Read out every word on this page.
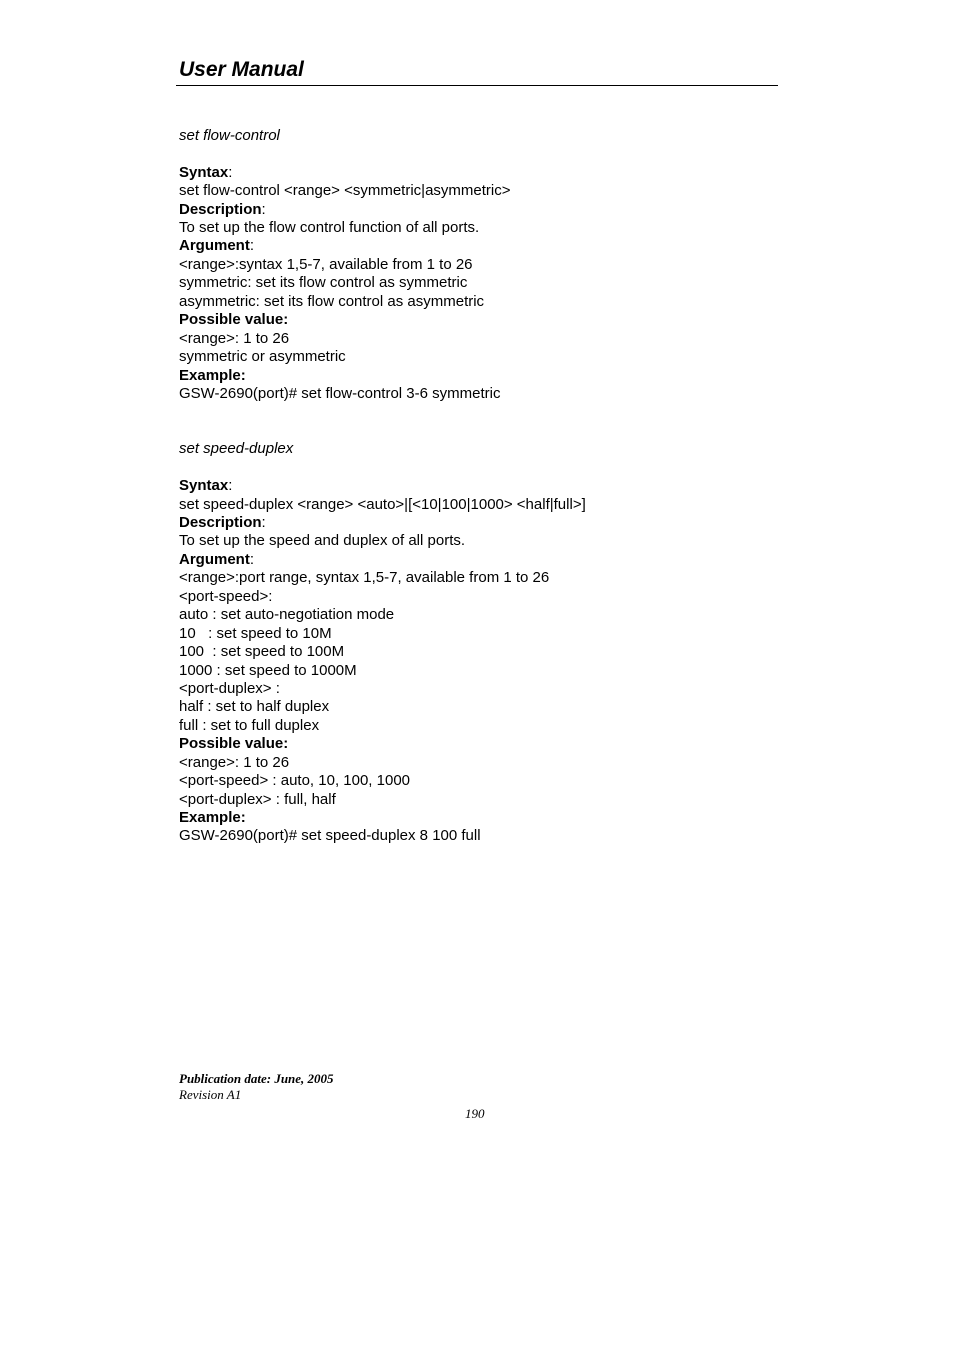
User Manual
set flow-control
Syntax:
set flow-control <range> <symmetric|asymmetric>
Description:
To set up the flow control function of all ports.
Argument:
<range>:syntax 1,5-7, available from 1 to 26
symmetric: set its flow control as symmetric
asymmetric: set its flow control as asymmetric
Possible value:
<range>: 1 to 26
symmetric or asymmetric
Example:
GSW-2690(port)# set flow-control 3-6 symmetric
set speed-duplex
Syntax:
set speed-duplex <range> <auto>|[<10|100|1000> <half|full>]
Description:
To set up the speed and duplex of all ports.
Argument:
<range>:port range, syntax 1,5-7, available from 1 to 26
<port-speed>:
auto : set auto-negotiation mode
10   : set speed to 10M
100  : set speed to 100M
1000 : set speed to 1000M
<port-duplex> :
half : set to half duplex
full : set to full duplex
Possible value:
<range>: 1 to 26
<port-speed> : auto, 10, 100, 1000
<port-duplex> : full, half
Example:
GSW-2690(port)# set speed-duplex 8 100 full
Publication date: June, 2005
Revision A1
190
